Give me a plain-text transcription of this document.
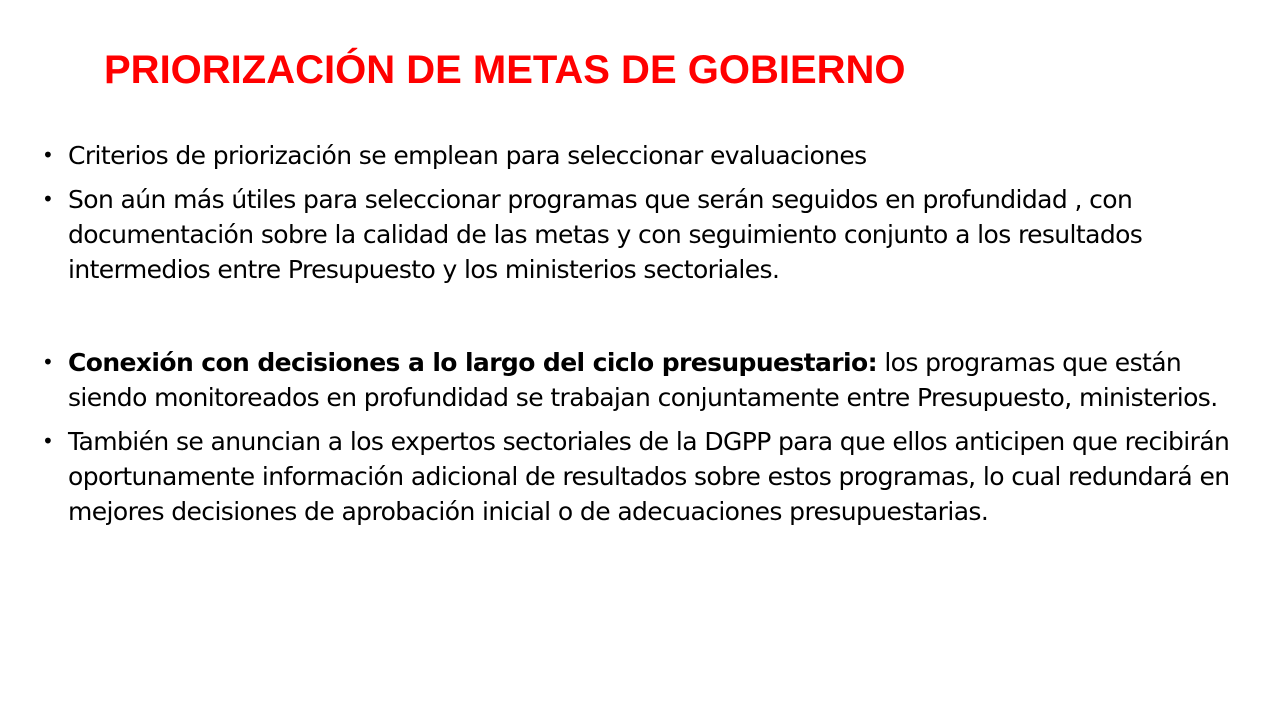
PRIORIZACIÓN DE METAS DE GOBIERNO
• Criterios de priorización se emplean para seleccionar evaluaciones
• Son aún más útiles para seleccionar programas que serán seguidos en profundidad , con documentación sobre la calidad de las metas y con seguimiento conjunto a los resultados intermedios entre Presupuesto y los ministerios sectoriales.
• Conexión con decisiones a lo largo del ciclo presupuestario: los programas que están siendo monitoreados en profundidad se trabajan conjuntamente entre Presupuesto, ministerios.
• También se anuncian a los expertos sectoriales de la DGPP para que ellos anticipen que recibirán oportunamente información adicional de resultados sobre estos programas, lo cual redundará en mejores decisiones de aprobación inicial o de adecuaciones presupuestarias.
